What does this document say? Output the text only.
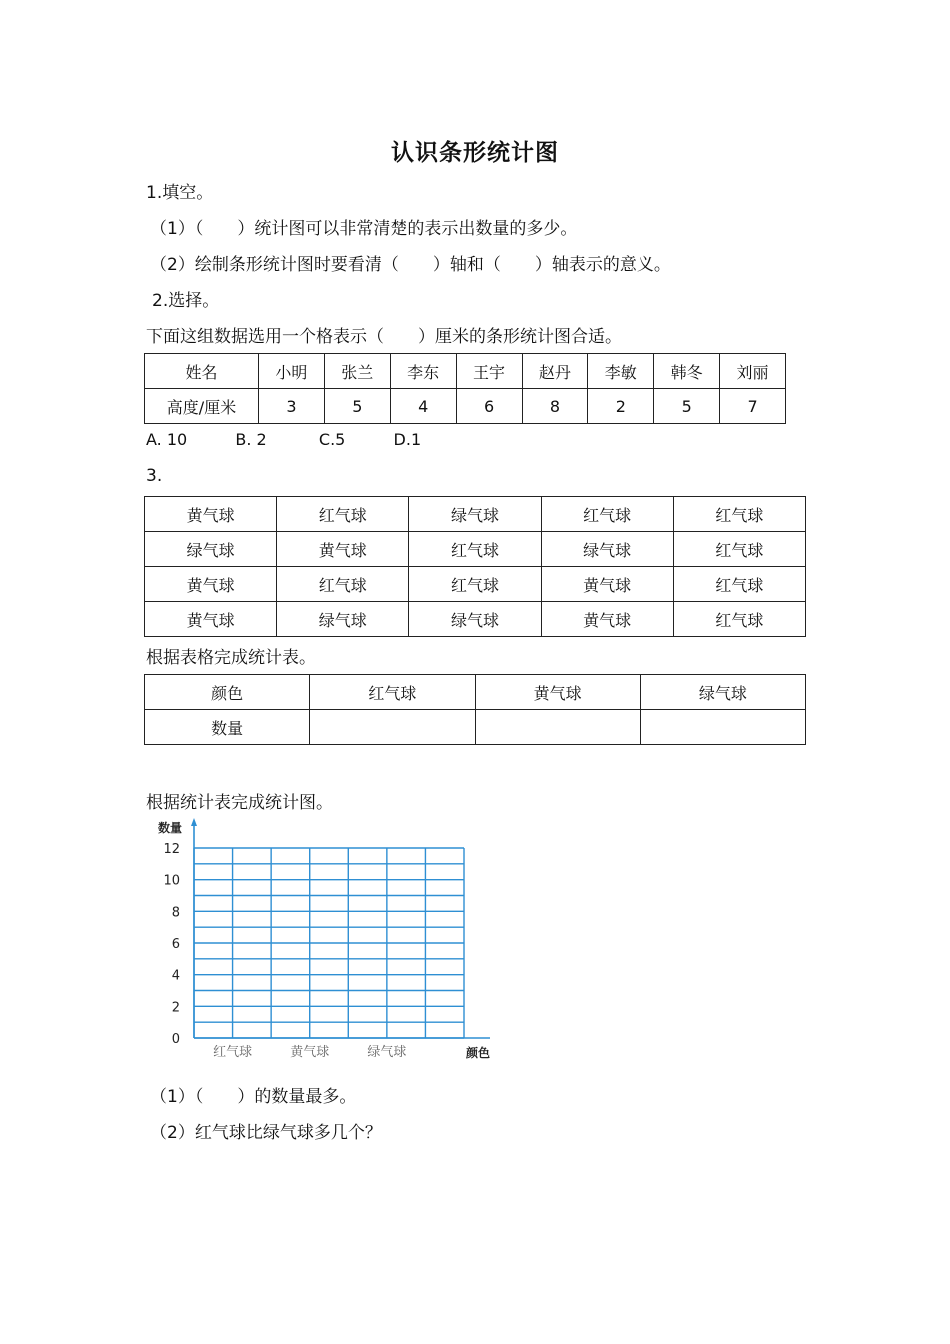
认识条形统计图
1.填空。
（1）（　　）统计图可以非常清楚的表示出数量的多少。
（2）绘制条形统计图时要看清（　　）轴和（　　）轴表示的意义。
2.选择。
下面这组数据选用一个格表示（　　）厘米的条形统计图合适。
姓名	小明	张兰	李东	王宇	赵丹	李敏	韩冬	刘丽
高度/厘米	3	5	4	6	8	2	5	7
A. 10	B. 2	C.5	D.1
3.
黄气球	红气球	绿气球	红气球	红气球
绿气球	黄气球	红气球	绿气球	红气球
黄气球	红气球	红气球	黄气球	红气球
黄气球	绿气球	绿气球	黄气球	红气球
根据表格完成统计表。
颜色	红气球	黄气球	绿气球
数量			
根据统计表完成统计图。
0
2
4
6
8
10
12
数量
红气球	黄气球	绿气球	颜色
（1）（　　）的数量最多。
（2）红气球比绿气球多几个？
